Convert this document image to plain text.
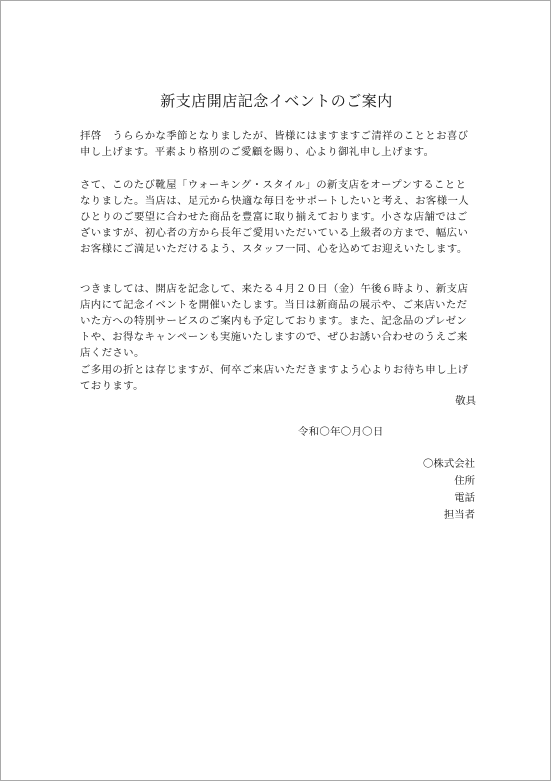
新支店開店記念イベントのご案内

拝啓　うららかな季節となりましたが、皆様にはますますご清祥のこととお喜び申し上げます。平素より格別のご愛顧を賜り、心より御礼申し上げます。

さて、このたび靴屋「ウォーキング・スタイル」の新支店をオープンすることとなりました。当店は、足元から快適な毎日をサポートしたいと考え、お客様一人ひとりのご要望に合わせた商品を豊富に取り揃えております。小さな店舗ではございますが、初心者の方から長年ご愛用いただいている上級者の方まで、幅広いお客様にご満足いただけるよう、スタッフ一同、心を込めてお迎えいたします。

つきましては、開店を記念して、来たる４月２０日（金）午後６時より、新支店店内にて記念イベントを開催いたします。当日は新商品の展示や、ご来店いただいた方への特別サービスのご案内も予定しております。また、記念品のプレゼントや、お得なキャンペーンも実施いたしますので、ぜひお誘い合わせのうえご来店ください。

ご多用の折とは存じますが、何卒ご来店いただきますよう心よりお待ち申し上げております。

敬具
令和〇年〇月〇日
〇株式会社
住所
電話
担当者
